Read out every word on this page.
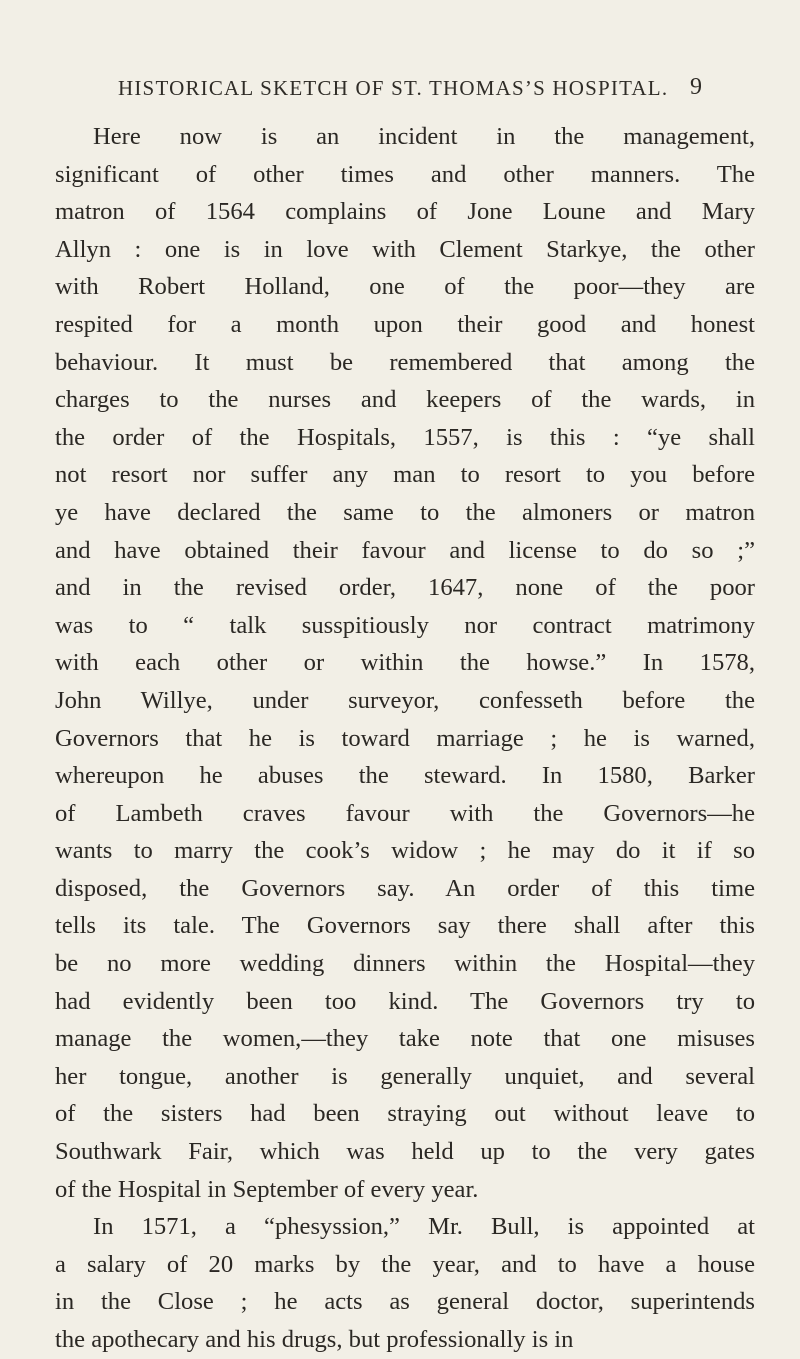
HISTORICAL SKETCH OF ST. THOMAS’S HOSPITAL. 9
Here now is an incident in the management,
significant of other times and other manners. The
matron of 1564 complains of Jone Loune and Mary
Allyn : one is in love with Clement Starkye, the other
with Robert Holland, one of the poor—they are
respited for a month upon their good and honest
behaviour. It must be remembered that among the
charges to the nurses and keepers of the wards, in
the order of the Hospitals, 1557, is this : “ye shall
not resort nor suffer any man to resort to you before
ye have declared the same to the almoners or matron
and have obtained their favour and license to do so ;”
and in the revised order, 1647, none of the poor
was to “ talk susspitiously nor contract matrimony
with each other or within the howse.” In 1578,
John Willye, under surveyor, confesseth before the
Governors that he is toward marriage ; he is warned,
whereupon he abuses the steward. In 1580, Barker
of Lambeth craves favour with the Governors—he
wants to marry the cook’s widow ; he may do it if so
disposed, the Governors say. An order of this time
tells its tale. The Governors say there shall after this
be no more wedding dinners within the Hospital—they
had evidently been too kind. The Governors try to
manage the women,—they take note that one misuses
her tongue, another is generally unquiet, and several
of the sisters had been straying out without leave to
Southwark Fair, which was held up to the very gates
of the Hospital in September of every year.
In 1571, a “phesyssion,” Mr. Bull, is appointed at
a salary of 20 marks by the year, and to have a house
in the Close ; he acts as general doctor, superintends
the apothecary and his drugs, but professionally is in
